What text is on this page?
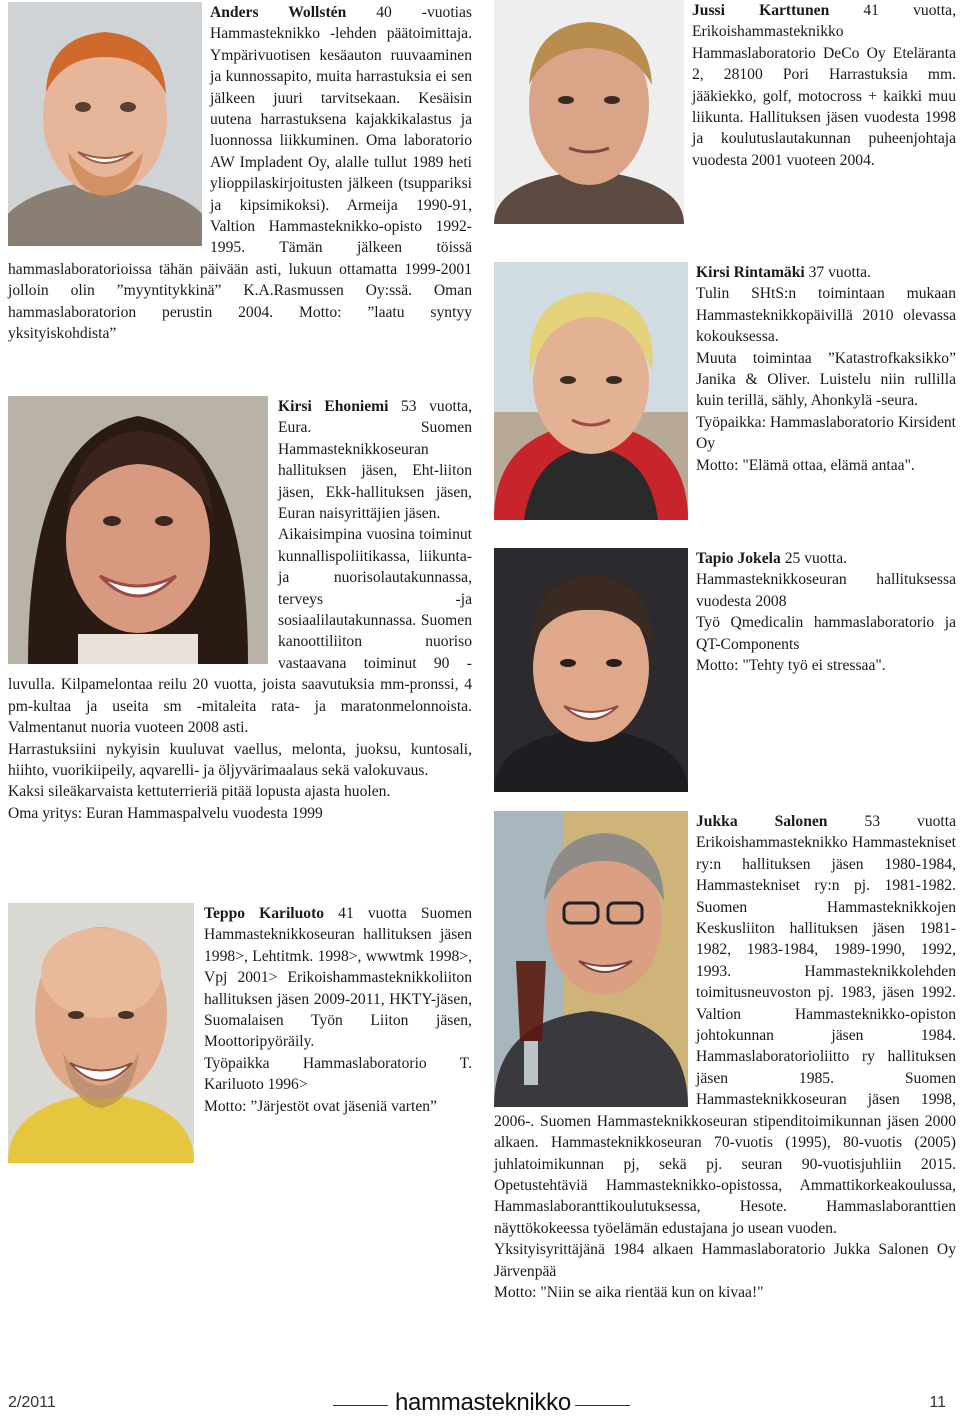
Anders Wollstén 40 -vuotias Hammasteknikko -lehden päätoimittaja. Ympärivuotisen kesäauton ruuvaaminen ja kunnossapito, muita harrastuksia ei sen jälkeen juuri tarvitsekaan. Kesäisin uutena harrastuksena kajakkikalastus ja luonnossa liikkuminen. Oma laboratorio AW Impladent Oy, alalle tullut 1989 heti ylioppilaskirjoitusten jälkeen (tsuppariksi ja kipsimikoksi). Armeija 1990-91, Valtion Hammasteknikko-opisto 1992-1995. Tämän jälkeen töissä hammaslaboratorioissa tähän päivään asti, lukuun ottamatta 1999-2001 jolloin olin ”myyntitykkinä” K.A.Rasmussen Oy:ssä. Oman hammaslaboratorion perustin 2004. Motto: ”laatu syntyy yksityiskohdista”

Kirsi Ehoniemi 53 vuotta, Eura. Suomen Hammasteknikkoseuran hallituksen jäsen, Eht-liiton jäsen, Ekk-hallituksen jäsen, Euran naisyrittäjien jäsen.

Aikaisimpina vuosina toiminut kunnallispoliitikassa, liikunta-ja nuorisolautakunnassa, terveys -ja sosiaalilautakunnassa. Suomen kanoottiliiton nuoriso vastaavana toiminut 90 -luvulla. Kilpamelontaa reilu 20 vuotta, joista saavutuksia mm-pronssi, 4 pm-kultaa ja useita sm -mitaleita rata- ja maratonmelonnoista. Valmentanut nuoria vuoteen 2008 asti.

Harrastuksiini nykyisin kuuluvat vaellus, melonta, juoksu, kuntosali, hiihto, vuorikiipeily, aqvarelli- ja öljyvärimaalaus sekä valokuvaus.

Kaksi sileäkarvaista kettuterrieriä pitää lopusta ajasta huolen.

Oma yritys: Euran Hammaspalvelu vuodesta 1999

Teppo Kariluoto 41 vuotta Suomen Hammasteknikkoseuran hallituksen jäsen 1998>, Lehtitmk. 1998>, wwwtmk 1998>, Vpj 2001> Erikoishammasteknikkoliiton hallituksen jäsen 2009-2011, HKTY-jäsen, Suomalaisen Työn Liiton jäsen, Moottoripyöräily.

Työpaikka Hammaslaboratorio T. Kariluoto 1996>

Motto: ”Järjestöt ovat jäseniä varten”

Jussi Karttunen 41 vuotta, Erikoishammasteknikko Hammaslaboratorio DeCo Oy Eteläranta 2, 28100 Pori Harrastuksia mm. jääkiekko, golf, motocross + kaikki muu liikunta. Hallituksen jäsen vuodesta 1998 ja koulutuslautakunnan puheenjohtaja vuodesta 2001 vuoteen 2004.

Kirsi Rintamäki 37 vuotta.

Tulin SHtS:n toimintaan mukaan Hammasteknikkopäivillä 2010 olevassa kokouksessa.

Muuta toimintaa ”Katastrofkaksikko” Janika & Oliver. Luistelu niin rullilla kuin terillä, sähly, Ahonkylä -seura.

Työpaikka: Hammaslaboratorio Kirsident Oy

Motto: "Elämä ottaa, elämä antaa".

Tapio Jokela 25 vuotta.

Hammasteknikkoseuran hallituksessa vuodesta 2008

Työ Qmedicalin hammaslaboratorio ja QT-Components

Motto: "Tehty työ ei stressaa".

Jukka Salonen 53 vuotta Erikoishammasteknikko Hammastekniset ry:n hallituksen jäsen 1980-1984, Hammastekniset ry:n pj. 1981-1982. Suomen Hammasteknikkojen Keskusliiton hallituksen jäsen 1981-1982, 1983-1984, 1989-1990, 1992, 1993. Hammasteknikkolehden toimitusneuvoston pj. 1983, jäsen 1992. Valtion Hammasteknikko-opiston johtokunnan jäsen 1984. Hammaslaboratorioliitto ry hallituksen jäsen 1985. Suomen Hammasteknikkoseuran jäsen 1998, 2006-. Suomen Hammasteknikkoseuran stipenditoimikunnan jäsen 2000 alkaen. Hammasteknikkoseuran 70-vuotis (1995), 80-vuotis (2005) juhlatoimikunnan pj, sekä pj. seuran 90-vuotisjuhliin 2015. Opetustehtäviä Hammasteknikko-opistossa, Ammattikorkeakoulussa, Hammaslaboranttikoulutuksessa, Hesote. Hammaslaboranttien näyttökokeessa työelämän edustajana jo usean vuoden.

Yksityisyrittäjänä 1984 alkaen Hammaslaboratorio Jukka Salonen Oy Järvenpää

Motto: "Niin se aika rientää kun on kivaa!"

2/2011	hammasteknikko	11
